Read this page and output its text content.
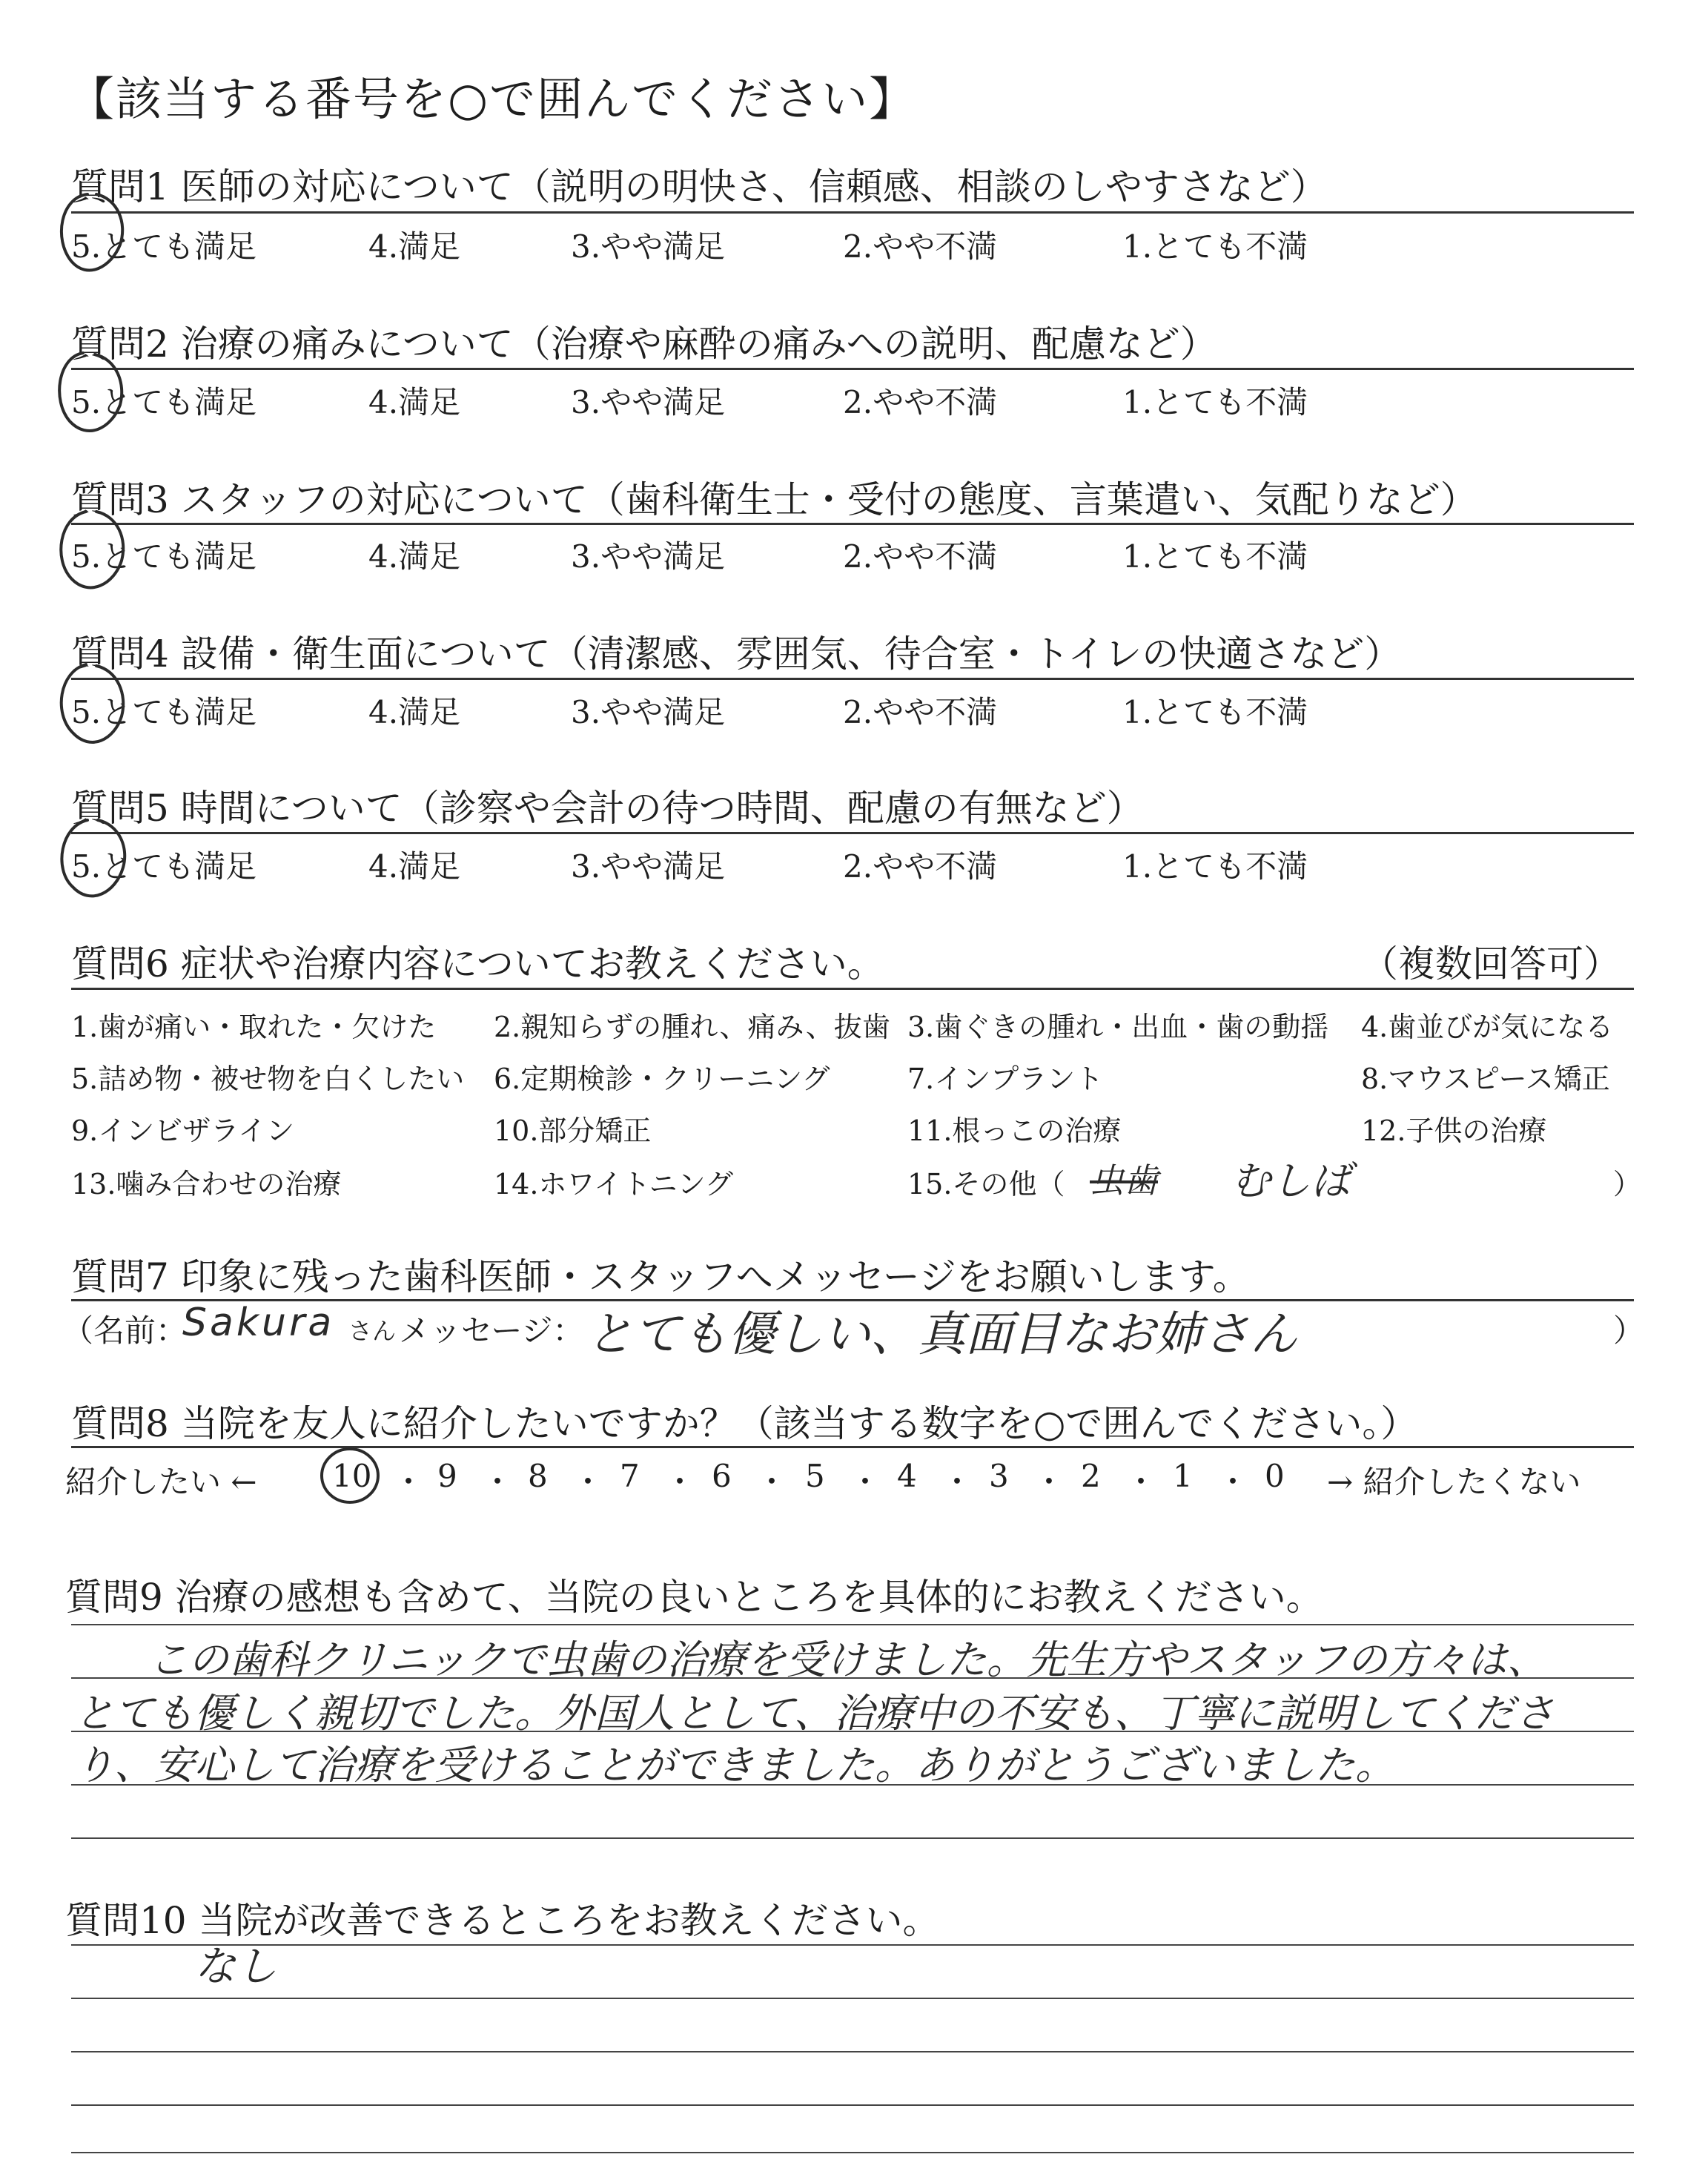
【該当する番号を○で囲んでください】
質問1 医師の対応について（説明の明快さ、信頼感、相談のしやすさなど）
5.とても満足	4.満足	3.やや満足	2.やや不満	1.とても不満
質問2 治療の痛みについて（治療や麻酔の痛みへの説明、配慮など）
5.とても満足	4.満足	3.やや満足	2.やや不満	1.とても不満
質問3 スタッフの対応について（歯科衛生士・受付の態度、言葉遣い、気配りなど）
5.とても満足	4.満足	3.やや満足	2.やや不満	1.とても不満
質問4 設備・衛生面について（清潔感、雰囲気、待合室・トイレの快適さなど）
5.とても満足	4.満足	3.やや満足	2.やや不満	1.とても不満
質問5 時間について（診察や会計の待つ時間、配慮の有無など）
5.とても満足	4.満足	3.やや満足	2.やや不満	1.とても不満
質問6 症状や治療内容についてお教えください。	（複数回答可）
1.歯が痛い・取れた・欠けた 2.親知らずの腫れ、痛み、抜歯 3.歯ぐきの腫れ・出血・歯の動揺 4.歯並びが気になる
5.詰め物・被せ物を白くしたい 6.定期検診・クリーニング	7.インプラント	8.マウスピース矯正
9.インビザライン	10.部分矯正	11.根っこの治療	12.子供の治療
13.噛み合わせの治療	14.ホワイトニング	15.その他（ 虫歯 むしば	）
質問7 印象に残った歯科医師・スタッフへメッセージをお願いします。
（名前：
Sakura さん メッセージ： とても優しい、真面目なお姉さん	）
質問8 当院を友人に紹介したいですか？（該当する数字を○で囲んでください。）
紹介したい ← 10 ・ 9 ・ 8 ・ 7 ・ 6 ・ 5 ・ 4 ・ 3 ・ 2 ・ 1 ・ 0 → 紹介したくない
質問9 治療の感想も含めて、当院の良いところを具体的にお教えください。
この歯科クリニックで虫歯の治療を受けました。先生方やスタッフの方々は、
とても優しく親切でした。外国人として、治療中の不安も、丁寧に説明してくださ
り、安心して治療を受けることができました。ありがとうございました。
質問10 当院が改善できるところをお教えください。
なし
